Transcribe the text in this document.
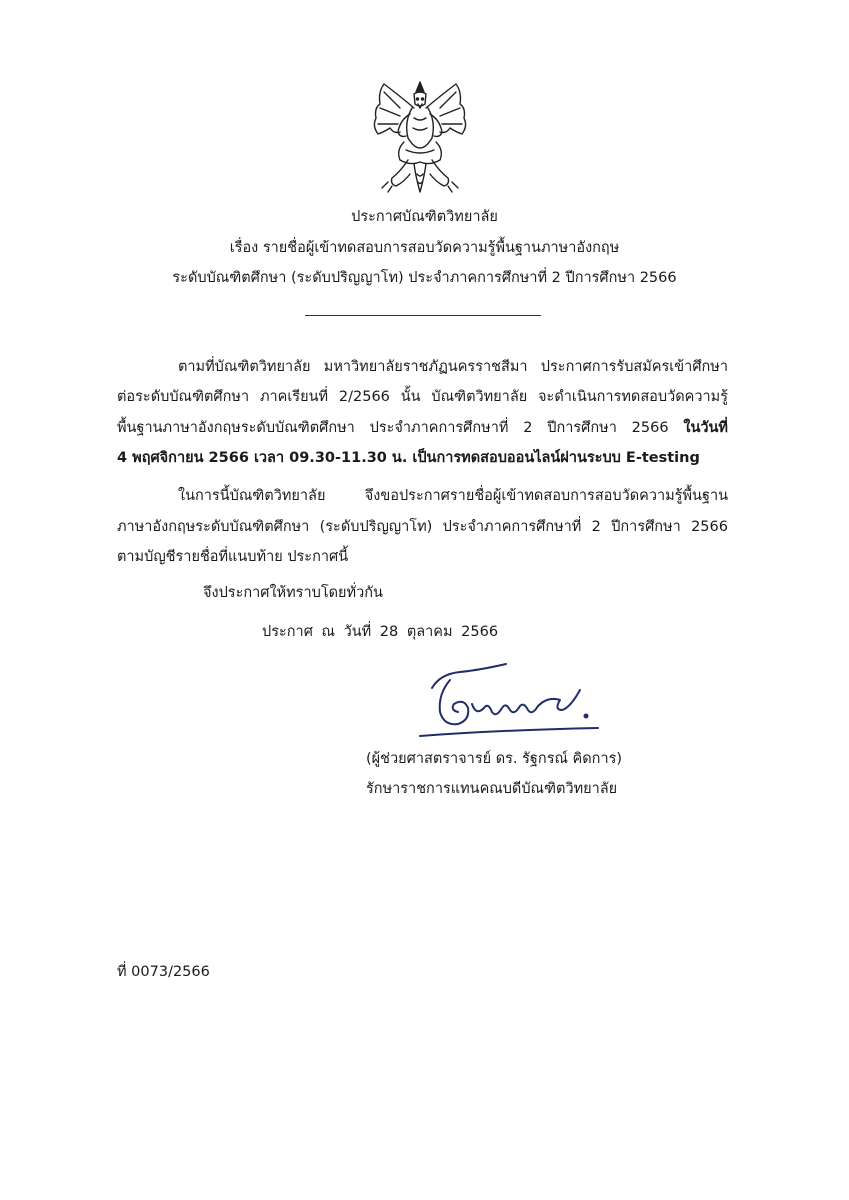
ประกาศบัณฑิตวิทยาลัย
เรื่อง รายชื่อผู้เข้าทดสอบการสอบวัดความรู้พื้นฐานภาษาอังกฤษ
ระดับบัณฑิตศึกษา (ระดับปริญญาโท) ประจำภาคการศึกษาที่ 2 ปีการศึกษา 2566
ตามที่บัณฑิตวิทยาลัย มหาวิทยาลัยราชภัฏนครราชสีมา ประกาศการรับสมัครเข้าศึกษา
ต่อระดับบัณฑิตศึกษา ภาคเรียนที่ 2/2566 นั้น บัณฑิตวิทยาลัย จะดำเนินการทดสอบวัดความรู้
พื้นฐานภาษาอังกฤษระดับบัณฑิตศึกษา ประจำภาคการศึกษาที่ 2 ปีการศึกษา 2566 ในวันที่
4 พฤศจิกายน 2566 เวลา 09.30-11.30 น. เป็นการทดสอบออนไลน์ผ่านระบบ E-testing
ในการนี้บัณฑิตวิทยาลัย จึงขอประกาศรายชื่อผู้เข้าทดสอบการสอบวัดความรู้พื้นฐาน
ภาษาอังกฤษระดับบัณฑิตศึกษา (ระดับปริญญาโท) ประจำภาคการศึกษาที่ 2 ปีการศึกษา 2566
ตามบัญชีรายชื่อที่แนบท้าย ประกาศนี้
จึงประกาศให้ทราบโดยทั่วกัน
ประกาศ ณ วันที่ 28 ตุลาคม 2566
(ผู้ช่วยศาสตราจารย์ ดร. รัฐกรณ์ คิดการ)
รักษาราชการแทนคณบดีบัณฑิตวิทยาลัย
ที่ 0073/2566
